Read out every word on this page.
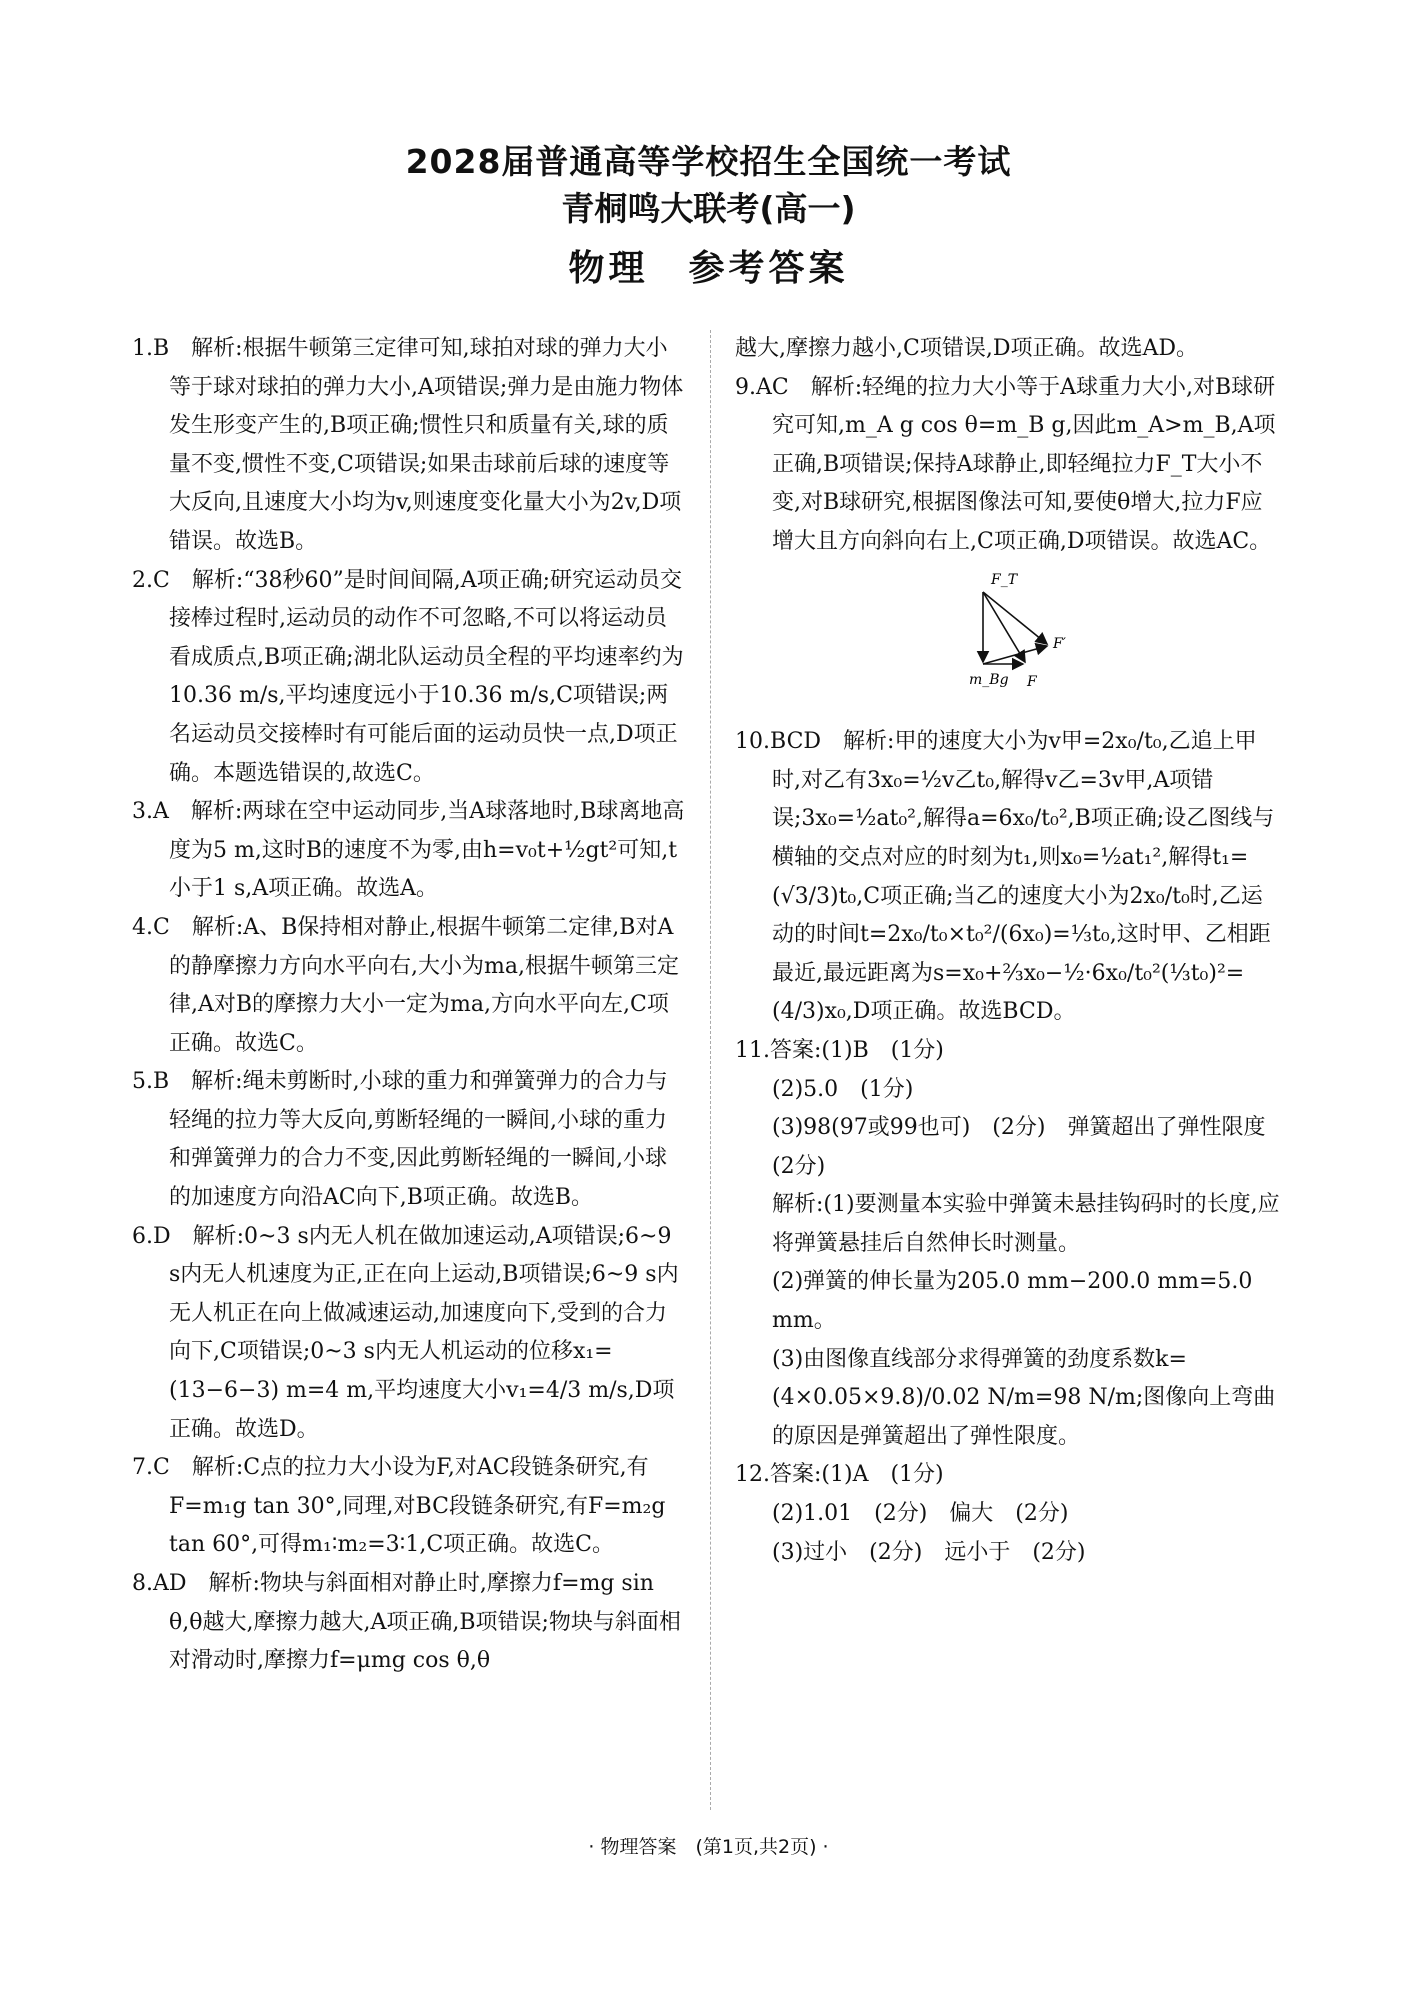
2028届普通高等学校招生全国统一考试
青桐鸣大联考(高一)
物理　参考答案
1.B　解析:根据牛顿第三定律可知,球拍对球的弹力大小等于球对球拍的弹力大小,A项错误;弹力是由施力物体发生形变产生的,B项正确;惯性只和质量有关,球的质量不变,惯性不变,C项错误;如果击球前后球的速度等大反向,且速度大小均为v,则速度变化量大小为2v,D项错误。故选B。
2.C　解析:“38秒60”是时间间隔,A项正确;研究运动员交接棒过程时,运动员的动作不可忽略,不可以将运动员看成质点,B项正确;湖北队运动员全程的平均速率约为10.36 m/s,平均速度远小于10.36 m/s,C项错误;两名运动员交接棒时有可能后面的运动员快一点,D项正确。本题选错误的,故选C。
3.A　解析:两球在空中运动同步,当A球落地时,B球离地高度为5 m,这时B的速度不为零,由h=v₀t+½gt²可知,t小于1 s,A项正确。故选A。
4.C　解析:A、B保持相对静止,根据牛顿第二定律,B对A的静摩擦力方向水平向右,大小为ma,根据牛顿第三定律,A对B的摩擦力大小一定为ma,方向水平向左,C项正确。故选C。
5.B　解析:绳未剪断时,小球的重力和弹簧弹力的合力与轻绳的拉力等大反向,剪断轻绳的一瞬间,小球的重力和弹簧弹力的合力不变,因此剪断轻绳的一瞬间,小球的加速度方向沿AC向下,B项正确。故选B。
6.D　解析:0~3 s内无人机在做加速运动,A项错误;6~9 s内无人机速度为正,正在向上运动,B项错误;6~9 s内无人机正在向上做减速运动,加速度向下,受到的合力向下,C项错误;0~3 s内无人机运动的位移x₁=(13−6−3) m=4 m,平均速度大小v₁=4/3 m/s,D项正确。故选D。
7.C　解析:C点的拉力大小设为F,对AC段链条研究,有F=m₁g tan 30°,同理,对BC段链条研究,有F=m₂g tan 60°,可得m₁∶m₂=3∶1,C项正确。故选C。
8.AD　解析:物块与斜面相对静止时,摩擦力f=mg sin θ,θ越大,摩擦力越大,A项正确,B项错误;物块与斜面相对滑动时,摩擦力f=μmg cos θ,θ
越大,摩擦力越小,C项错误,D项正确。故选AD。
9.AC　解析:轻绳的拉力大小等于A球重力大小,对B球研究可知,m_A g cos θ=m_B g,因此m_A>m_B,A项正确,B项错误;保持A球静止,即轻绳拉力F_T大小不变,对B球研究,根据图像法可知,要使θ增大,拉力F应增大且方向斜向右上,C项正确,D项错误。故选AC。
F_T
F′
m_Bg F
10.BCD　解析:甲的速度大小为v甲=2x₀/t₀,乙追上甲时,对乙有3x₀=½v乙t₀,解得v乙=3v甲,A项错误;3x₀=½at₀²,解得a=6x₀/t₀²,B项正确;设乙图线与横轴的交点对应的时刻为t₁,则x₀=½at₁²,解得t₁=(√3/3)t₀,C项正确;当乙的速度大小为2x₀/t₀时,乙运动的时间t=2x₀/t₀×t₀²/(6x₀)=⅓t₀,这时甲、乙相距最近,最远距离为s=x₀+⅔x₀−½·6x₀/t₀²(⅓t₀)²=(4/3)x₀,D项正确。故选BCD。
11.答案:(1)B　(1分)
(2)5.0　(1分)
(3)98(97或99也可)　(2分)　弹簧超出了弹性限度　(2分)
解析:(1)要测量本实验中弹簧未悬挂钩码时的长度,应将弹簧悬挂后自然伸长时测量。
(2)弹簧的伸长量为205.0 mm−200.0 mm=5.0 mm。
(3)由图像直线部分求得弹簧的劲度系数k=(4×0.05×9.8)/0.02 N/m=98 N/m;图像向上弯曲的原因是弹簧超出了弹性限度。
12.答案:(1)A　(1分)
(2)1.01　(2分)　偏大　(2分)
(3)过小　(2分)　远小于　(2分)
· 物理答案　(第1页,共2页) ·
